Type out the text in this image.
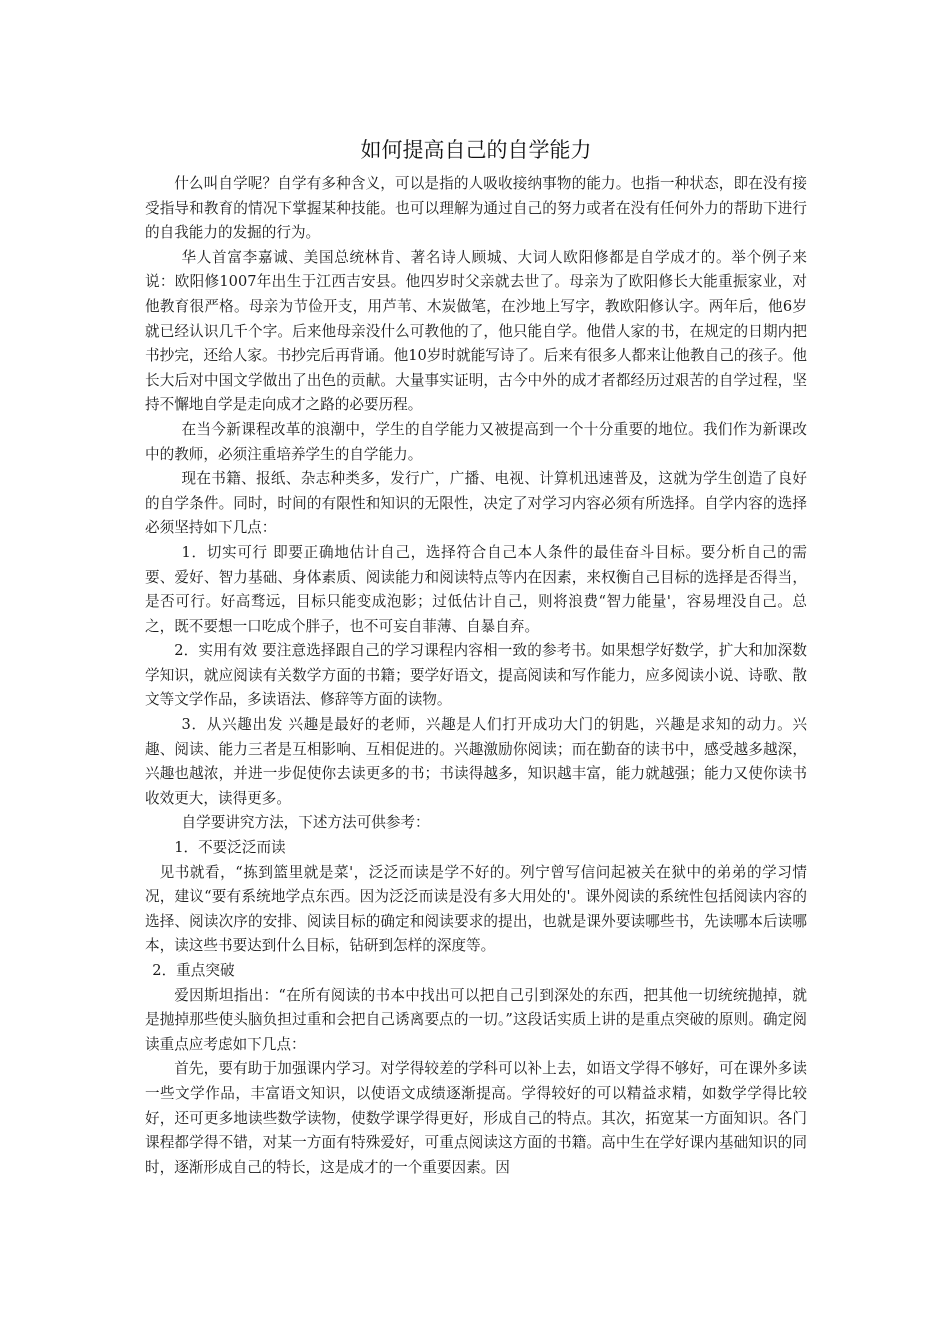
如何提高自己的自学能力

什么叫自学呢？自学有多种含义，可以是指的人吸收接纳事物的能力。也指一种状态，即在没有接受指导和教育的情况下掌握某种技能。也可以理解为通过自己的努力或者在没有任何外力的帮助下进行的自我能力的发掘的行为。

华人首富李嘉诚、美国总统林肯、著名诗人顾城、大词人欧阳修都是自学成才的。举个例子来说：欧阳修1007年出生于江西吉安县。他四岁时父亲就去世了。母亲为了欧阳修长大能重振家业，对他教育很严格。母亲为节俭开支，用芦苇、木炭做笔，在沙地上写字，教欧阳修认字。两年后，他6岁就已经认识几千个字。后来他母亲没什么可教他的了，他只能自学。他借人家的书，在规定的日期内把书抄完，还给人家。书抄完后再背诵。他10岁时就能写诗了。后来有很多人都来让他教自己的孩子。他长大后对中国文学做出了出色的贡献。大量事实证明，古今中外的成才者都经历过艰苦的自学过程，坚持不懈地自学是走向成才之路的必要历程。

在当今新课程改革的浪潮中，学生的自学能力又被提高到一个十分重要的地位。我们作为新课改中的教师，必须注重培养学生的自学能力。

现在书籍、报纸、杂志种类多，发行广，广播、电视、计算机迅速普及，这就为学生创造了良好的自学条件。同时，时间的有限性和知识的无限性，决定了对学习内容必须有所选择。自学内容的选择必须坚持如下几点：

1．切实可行 即要正确地估计自己，选择符合自己本人条件的最佳奋斗目标。要分析自己的需要、爱好、智力基础、身体素质、阅读能力和阅读特点等内在因素，来权衡自己目标的选择是否得当，是否可行。好高骛远，目标只能变成泡影；过低估计自己，则将浪费“智力能量'，容易埋没自己。总之，既不要想一口吃成个胖子，也不可妄自菲薄、自暴自弃。

2．实用有效 要注意选择跟自己的学习课程内容相一致的参考书。如果想学好数学，扩大和加深数学知识，就应阅读有关数学方面的书籍；要学好语文，提高阅读和写作能力，应多阅读小说、诗歌、散文等文学作品，多读语法、修辞等方面的读物。

3．从兴趣出发 兴趣是最好的老师，兴趣是人们打开成功大门的钥匙，兴趣是求知的动力。兴趣、阅读、能力三者是互相影响、互相促进的。兴趣激励你阅读；而在勤奋的读书中，感受越多越深，兴趣也越浓，并进一步促使你去读更多的书；书读得越多，知识越丰富，能力就越强；能力又使你读书收效更大，读得更多。

自学要讲究方法，下述方法可供参考：

1．不要泛泛而读

见书就看，“拣到篮里就是菜'，泛泛而读是学不好的。列宁曾写信问起被关在狱中的弟弟的学习情况，建议“要有系统地学点东西。因为泛泛而读是没有多大用处的'。课外阅读的系统性包括阅读内容的选择、阅读次序的安排、阅读目标的确定和阅读要求的提出，也就是课外要读哪些书，先读哪本后读哪本，读这些书要达到什么目标，钻研到怎样的深度等。

2．重点突破

爱因斯坦指出：“在所有阅读的书本中找出可以把自己引到深处的东西，把其他一切统统抛掉，就是抛掉那些使头脑负担过重和会把自己诱离要点的一切。”这段话实质上讲的是重点突破的原则。确定阅读重点应考虑如下几点：

首先，要有助于加强课内学习。对学得较差的学科可以补上去，如语文学得不够好，可在课外多读一些文学作品，丰富语文知识，以使语文成绩逐渐提高。学得较好的可以精益求精，如数学学得比较好，还可更多地读些数学读物，使数学课学得更好，形成自己的特点。其次，拓宽某一方面知识。各门课程都学得不错，对某一方面有特殊爱好，可重点阅读这方面的书籍。高中生在学好课内基础知识的同时，逐渐形成自己的特长，这是成才的一个重要因素。因
